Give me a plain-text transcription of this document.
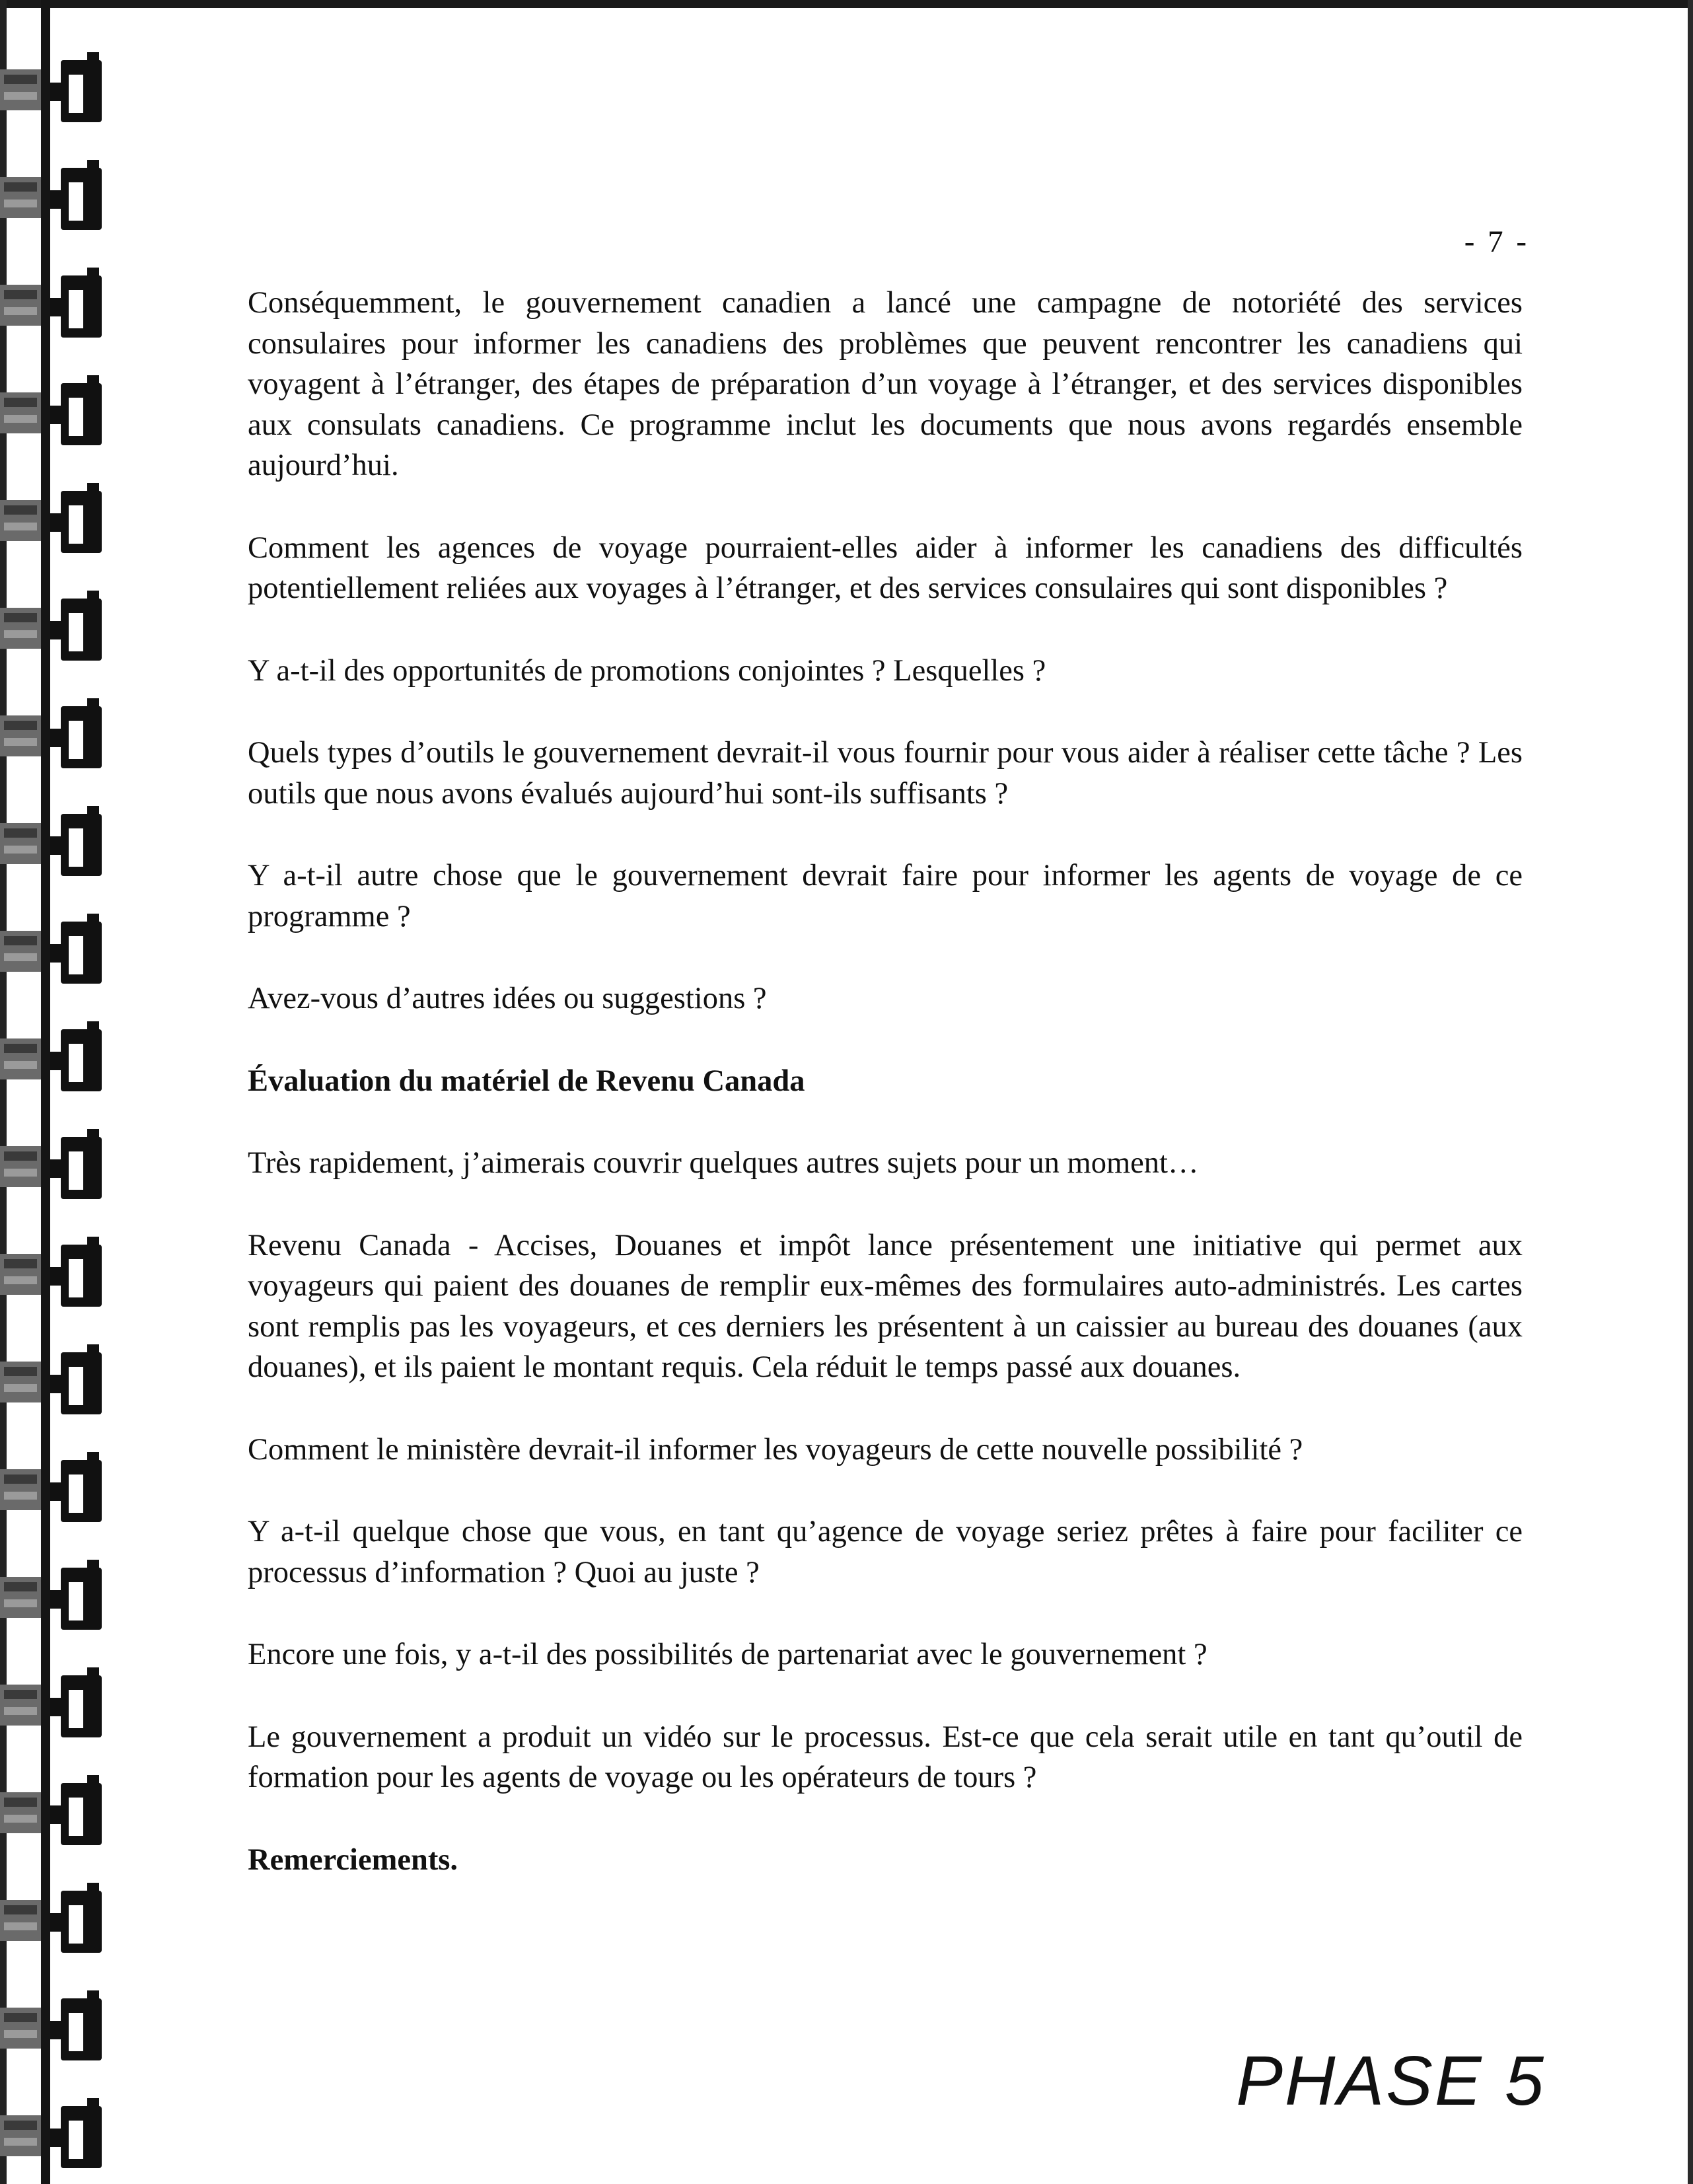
- 7 -

Conséquemment, le gouvernement canadien a lancé une campagne de notoriété des services consulaires pour informer les canadiens des problèmes que peuvent rencontrer les canadiens qui voyagent à l’étranger, des étapes de préparation d’un voyage à l’étranger, et des services disponibles aux consulats canadiens. Ce programme inclut les documents que nous avons regardés ensemble aujourd’hui.

Comment les agences de voyage pourraient-elles aider à informer les canadiens des difficultés potentiellement reliées aux voyages à l’étranger, et des services consulaires qui sont disponibles ?

Y a-t-il des opportunités de promotions conjointes ? Lesquelles ?

Quels types d’outils le gouvernement devrait-il vous fournir pour vous aider à réaliser cette tâche ? Les outils que nous avons évalués aujourd’hui sont-ils suffisants ?

Y a-t-il autre chose que le gouvernement devrait faire pour informer les agents de voyage de ce programme ?

Avez-vous d’autres idées ou suggestions ?

Évaluation du matériel de Revenu Canada

Très rapidement, j’aimerais couvrir quelques autres sujets pour un moment…

Revenu Canada - Accises, Douanes et impôt lance présentement une initiative qui permet aux voyageurs qui paient des douanes de remplir eux-mêmes des formulaires auto-administrés. Les cartes sont remplis pas les voyageurs, et ces derniers les présentent à un caissier au bureau des douanes (aux douanes), et ils paient le montant requis. Cela réduit le temps passé aux douanes.

Comment le ministère devrait-il informer les voyageurs de cette nouvelle possibilité ?

Y a-t-il quelque chose que vous, en tant qu’agence de voyage seriez prêtes à faire pour faciliter ce processus d’information ? Quoi au juste ?

Encore une fois, y a-t-il des possibilités de partenariat avec le gouvernement ?

Le gouvernement a produit un vidéo sur le processus. Est-ce que cela serait utile en tant qu’outil de formation pour les agents de voyage ou les opérateurs de tours ?

Remerciements.

PHASE 5
